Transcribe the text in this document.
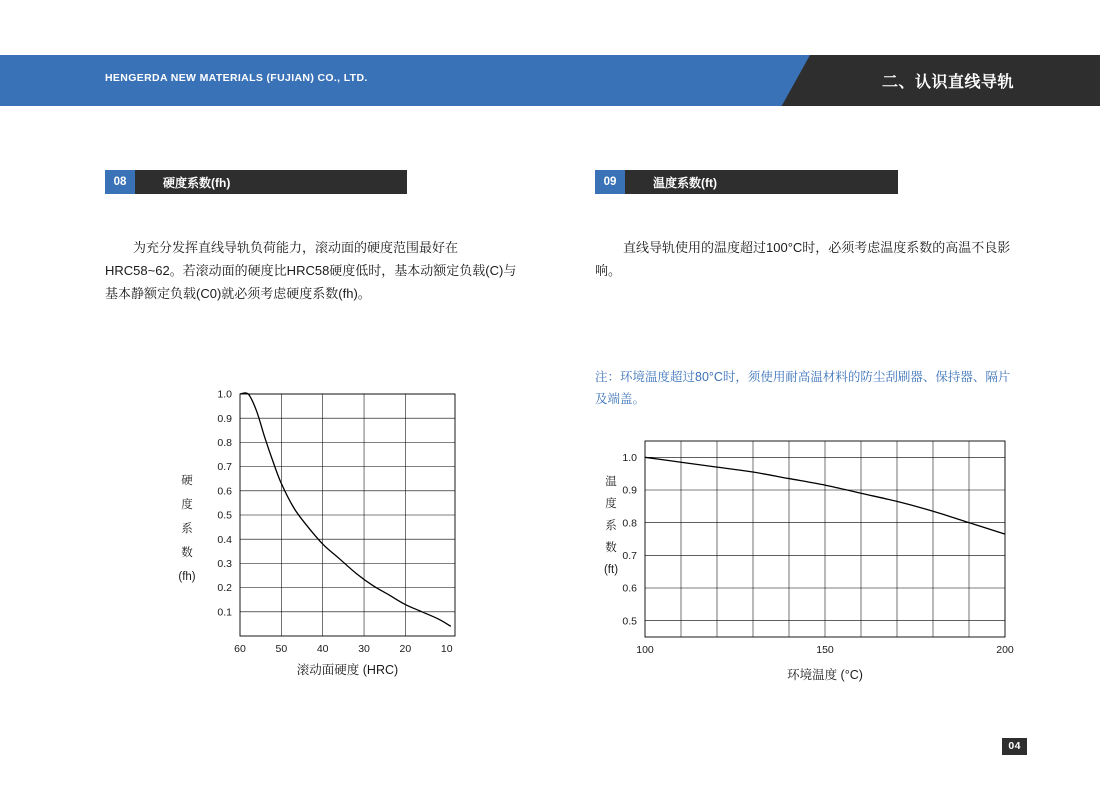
HENGERDA NEW MATERIALS (FUJIAN) CO., LTD.	二、认识直线导轨
08	硬度系数(fh)
为充分发挥直线导轨负荷能力，滚动面的硬度范围最好在HRC58~62。若滚动面的硬度比HRC58硬度低时，基本动额定负载(C)与基本静额定负载(C0)就必须考虑硬度系数(fh)。
09	温度系数(ft)
直线导轨使用的温度超过100°C时，必须考虑温度系数的高温不良影响。
注：环境温度超过80°C时，须使用耐高温材料的防尘刮刷器、保持器、隔片及端盖。
1.0
0.9
0.8
0.7
0.6
0.5
0.4
0.3
0.2
0.1
60	50	40	30	20	10
硬
度
系
数
(fh)
滚动面硬度 (HRC)
1.0
0.9
0.8
0.7
0.6
0.5
100	150	200
温
度
系
数
(ft)
环境温度 (°C)
04
